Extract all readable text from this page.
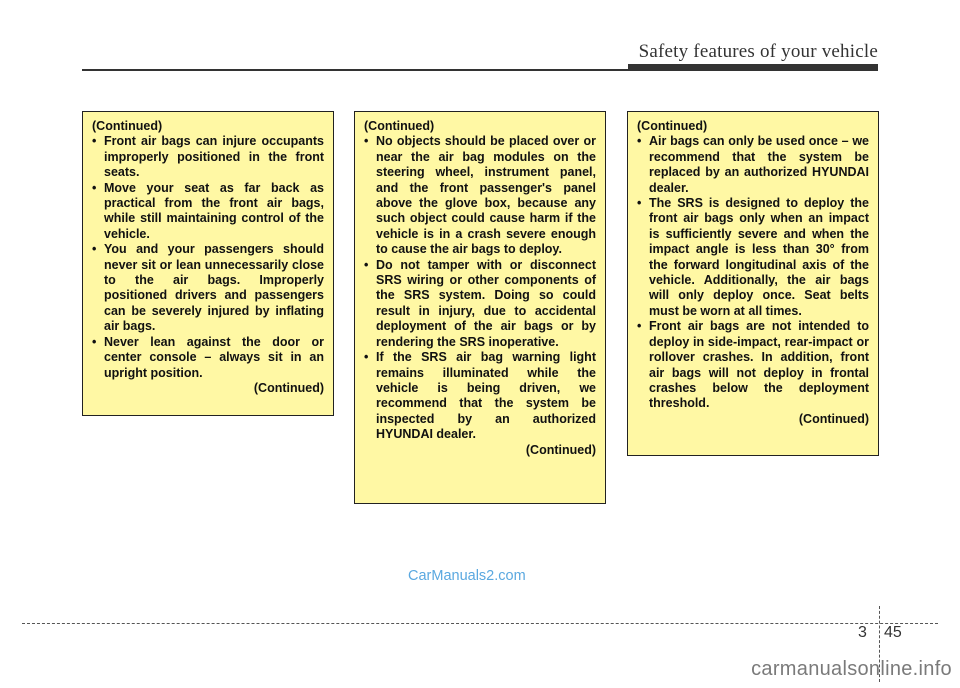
Safety features of your vehicle
(Continued)
• Front air bags can injure occupants improperly positioned in the front seats.
• Move your seat as far back as practical from the front air bags, while still maintaining control of the vehicle.
• You and your passengers should never sit or lean unnecessarily close to the air bags. Improperly positioned drivers and passengers can be severely injured by inflating air bags.
• Never lean against the door or center console – always sit in an upright position.
(Continued)
(Continued)
• No objects should be placed over or near the air bag modules on the steering wheel, instrument panel, and the front passenger's panel above the glove box, because any such object could cause harm if the vehicle is in a crash severe enough to cause the air bags to deploy.
• Do not tamper with or disconnect SRS wiring or other components of the SRS system. Doing so could result in injury, due to accidental deployment of the air bags or by rendering the SRS inoperative.
• If the SRS air bag warning light remains illuminated while the vehicle is being driven, we recommend that the system be inspected by an authorized HYUNDAI dealer.
(Continued)
(Continued)
• Air bags can only be used once – we recommend that the system be replaced by an authorized HYUNDAI dealer.
• The SRS is designed to deploy the front air bags only when an impact is sufficiently severe and when the impact angle is less than 30° from the forward longitudinal axis of the vehicle. Additionally, the air bags will only deploy once. Seat belts must be worn at all times.
• Front air bags are not intended to deploy in side-impact, rear-impact or rollover crashes. In addition, front air bags will not deploy in frontal crashes below the deployment threshold.
(Continued)
CarManuals2.com
3 45
carmanualsonline.info
